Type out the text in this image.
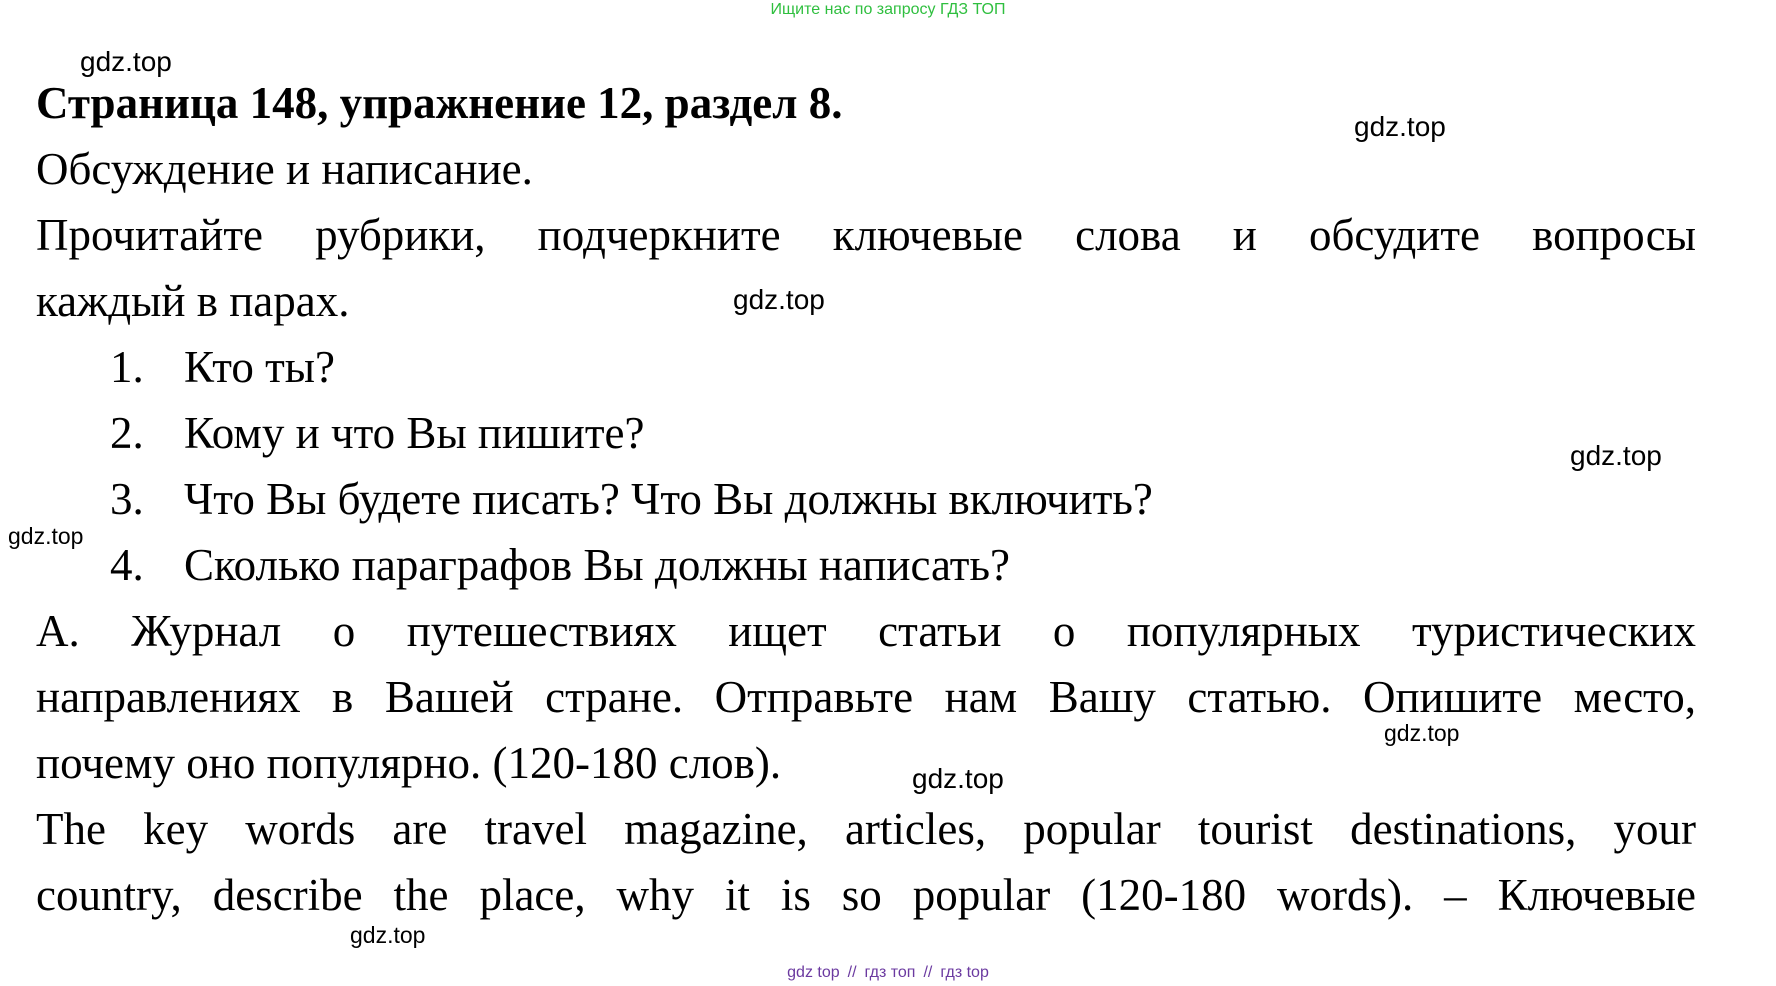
Ищите нас по запросу ГДЗ ТОП

Страница 148, упражнение 12, раздел 8.

Обсуждение и написание.

Прочитайте рубрики, подчеркните ключевые слова и обсудите вопросы

каждый в парах.

1. Кто ты?

2. Кому и что Вы пишите?

3. Что Вы будете писать? Что Вы должны включить?

4. Сколько параграфов Вы должны написать?

А. Журнал о путешествиях ищет статьи о популярных туристических

направлениях в Вашей стране. Отправьте нам Вашу статью. Опишите место,

почему оно популярно. (120-180 слов).

The key words are travel magazine, articles, popular tourist destinations, your

country, describe the place, why it is so popular (120-180 words). – Ключевые

gdz.top
gdz.top
gdz.top
gdz.top
gdz.top
gdz.top
gdz.top
gdz.top
gdz top // гдз топ // гдз top
